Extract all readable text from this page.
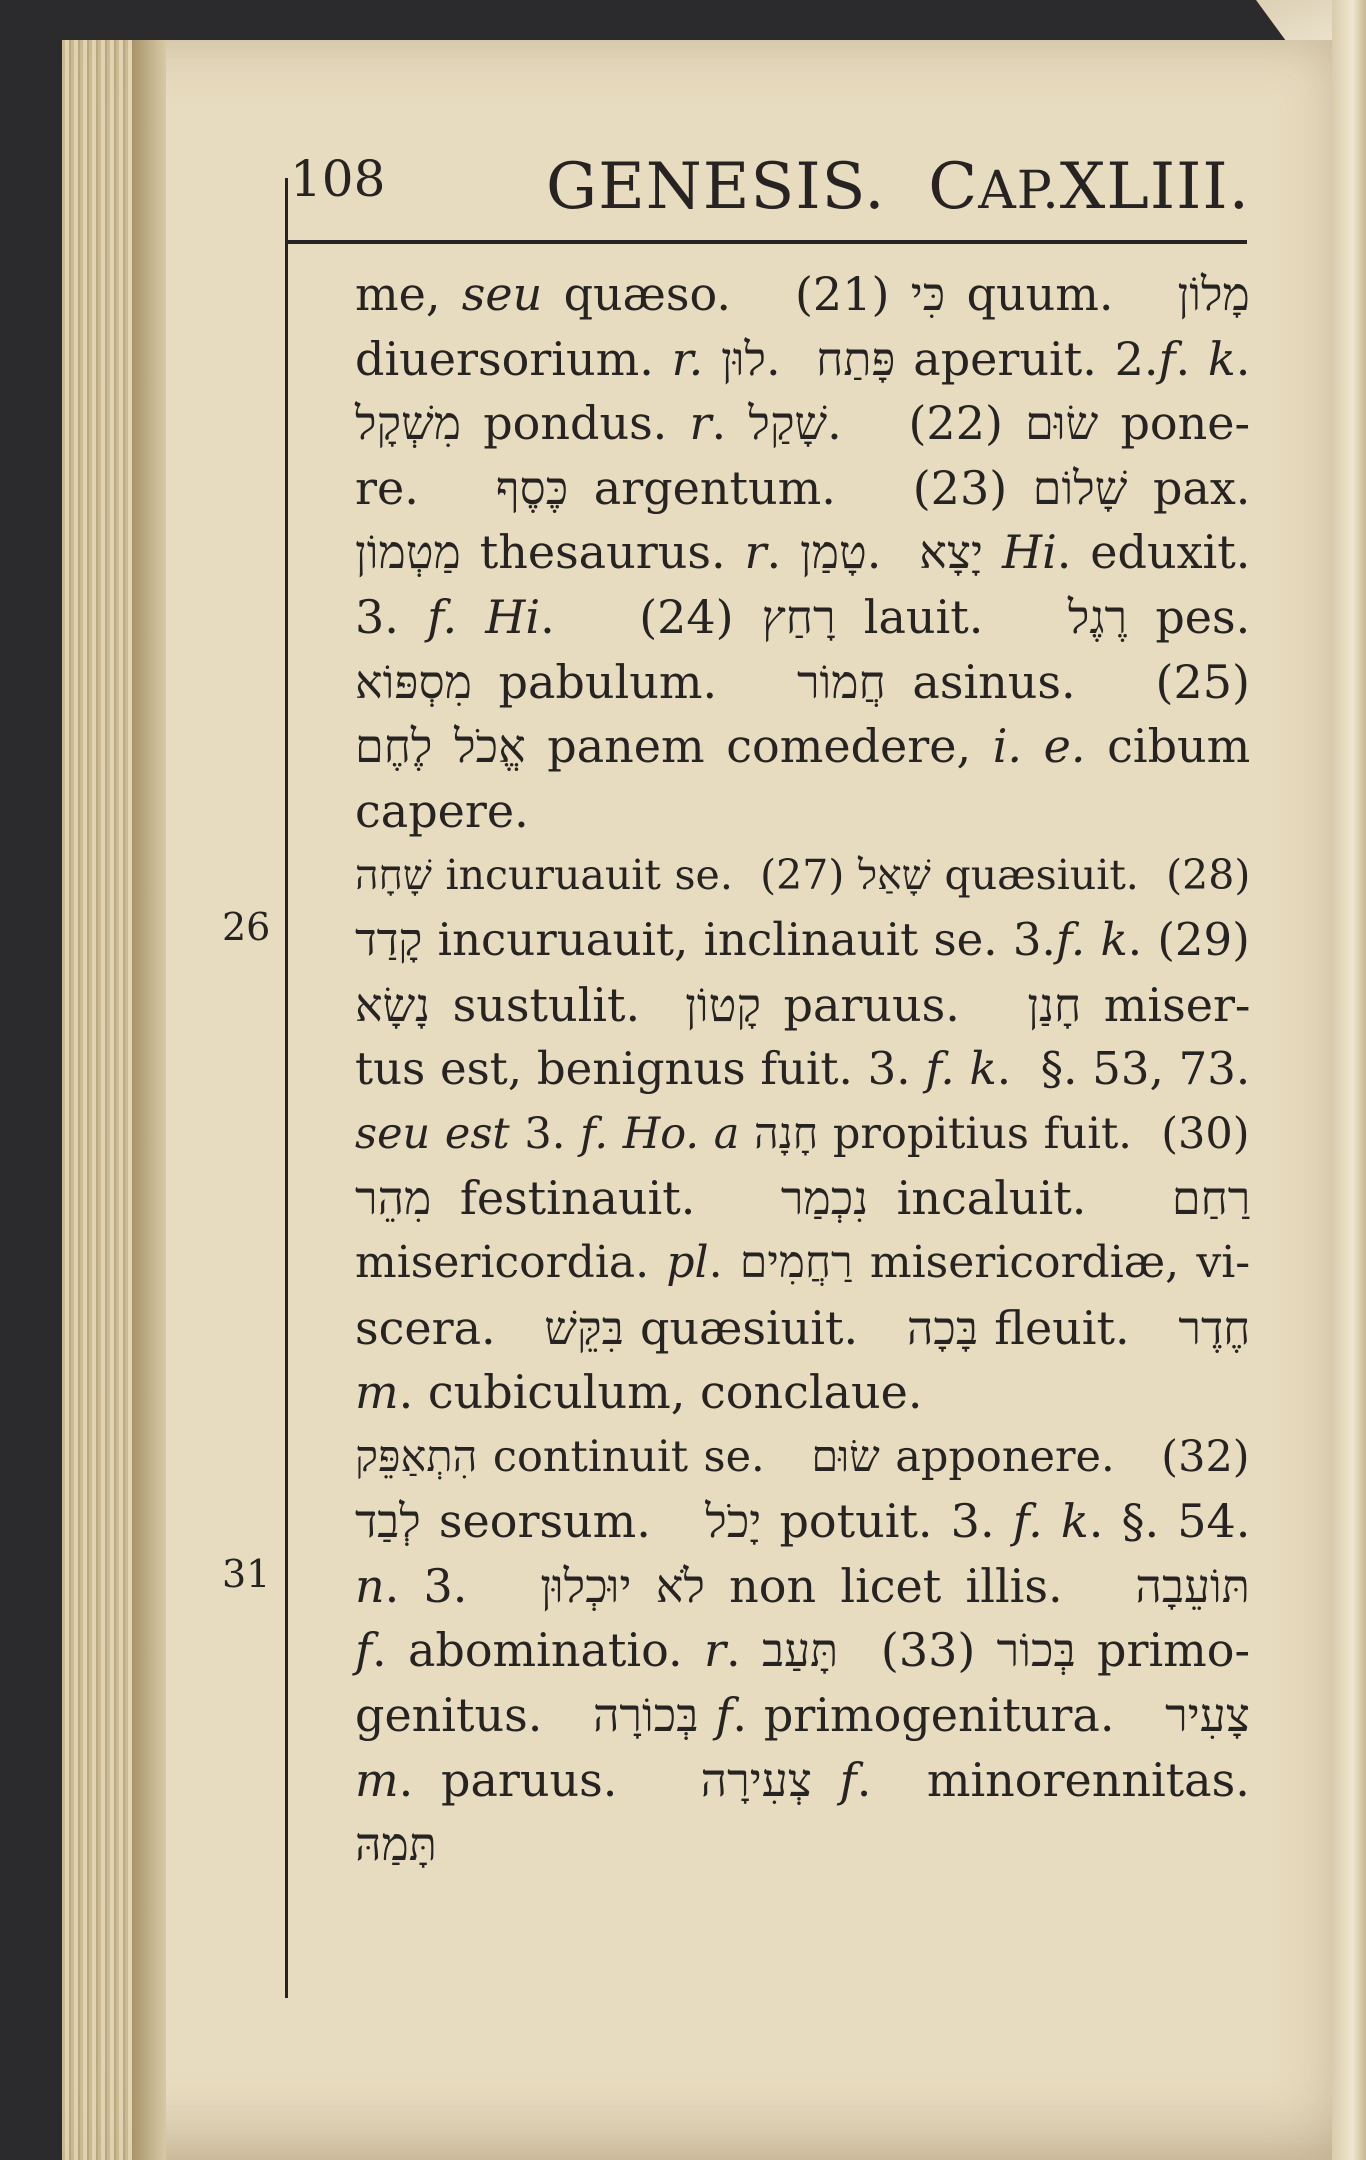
108	GENESIS. CAP.XLIII.
26
31
me, seu quæso.   (21) כִּי quum.   מָלוֹן
diuersorium. r. לוּן.  פָּתַח aperuit. 2.f. k.
מִשְׁקָל pondus. r. שָׁקַל.   (22) שׂוּם pone-
re.   כֶּסֶף argentum.   (23) שָׁלוֹם pax.
מַטְמוֹן thesaurus. r. טָמַן.  יָצָא Hi. eduxit.
3. f. Hi.   (24) רָחַץ lauit.   רֶגֶל pes.
מִסְפּוֹא pabulum.   חֲמוֹר asinus.   (25)
אֱכֹל לֶחֶם panem comedere, i. e. cibum
capere.
שָׁחָה incuruauit se.  (27) שָׁאַל quæsiuit.  (28)
קָדַד incuruauit, inclinauit se. 3.f. k. (29)
נָשָׂא sustulit.  קָטוֹן paruus.   חָנַן miser-
tus est, benignus fuit. 3. f. k.  §. 53, 73.
seu est 3. f. Ho. a חָנָה propitius fuit.  (30)
מִהֵר festinauit.   נִכְמַר incaluit.   רַחַם
misericordia. pl. רַחֲמִים misericordiæ, vi-
scera.   בִּקֵּשׁ quæsiuit.   בָּכָה fleuit.   חֶדֶר
m. cubiculum, conclaue.
הִתְאַפֵּק continuit se.   שׂוּם apponere.   (32)
לְבַד seorsum.   יָכֹל potuit. 3. f. k. §. 54.
n. 3.   לֹא יוּכְלוּן non licet illis.   תּוֹעֵבָה
f. abominatio. r. תָּעַב  (33) בְּכוֹר primo-
genitus.   בְּכוֹרָה f. primogenitura.   צָעִיר
m. paruus.   צְעִירָה f.  minorennitas.
תָּמַהּ
